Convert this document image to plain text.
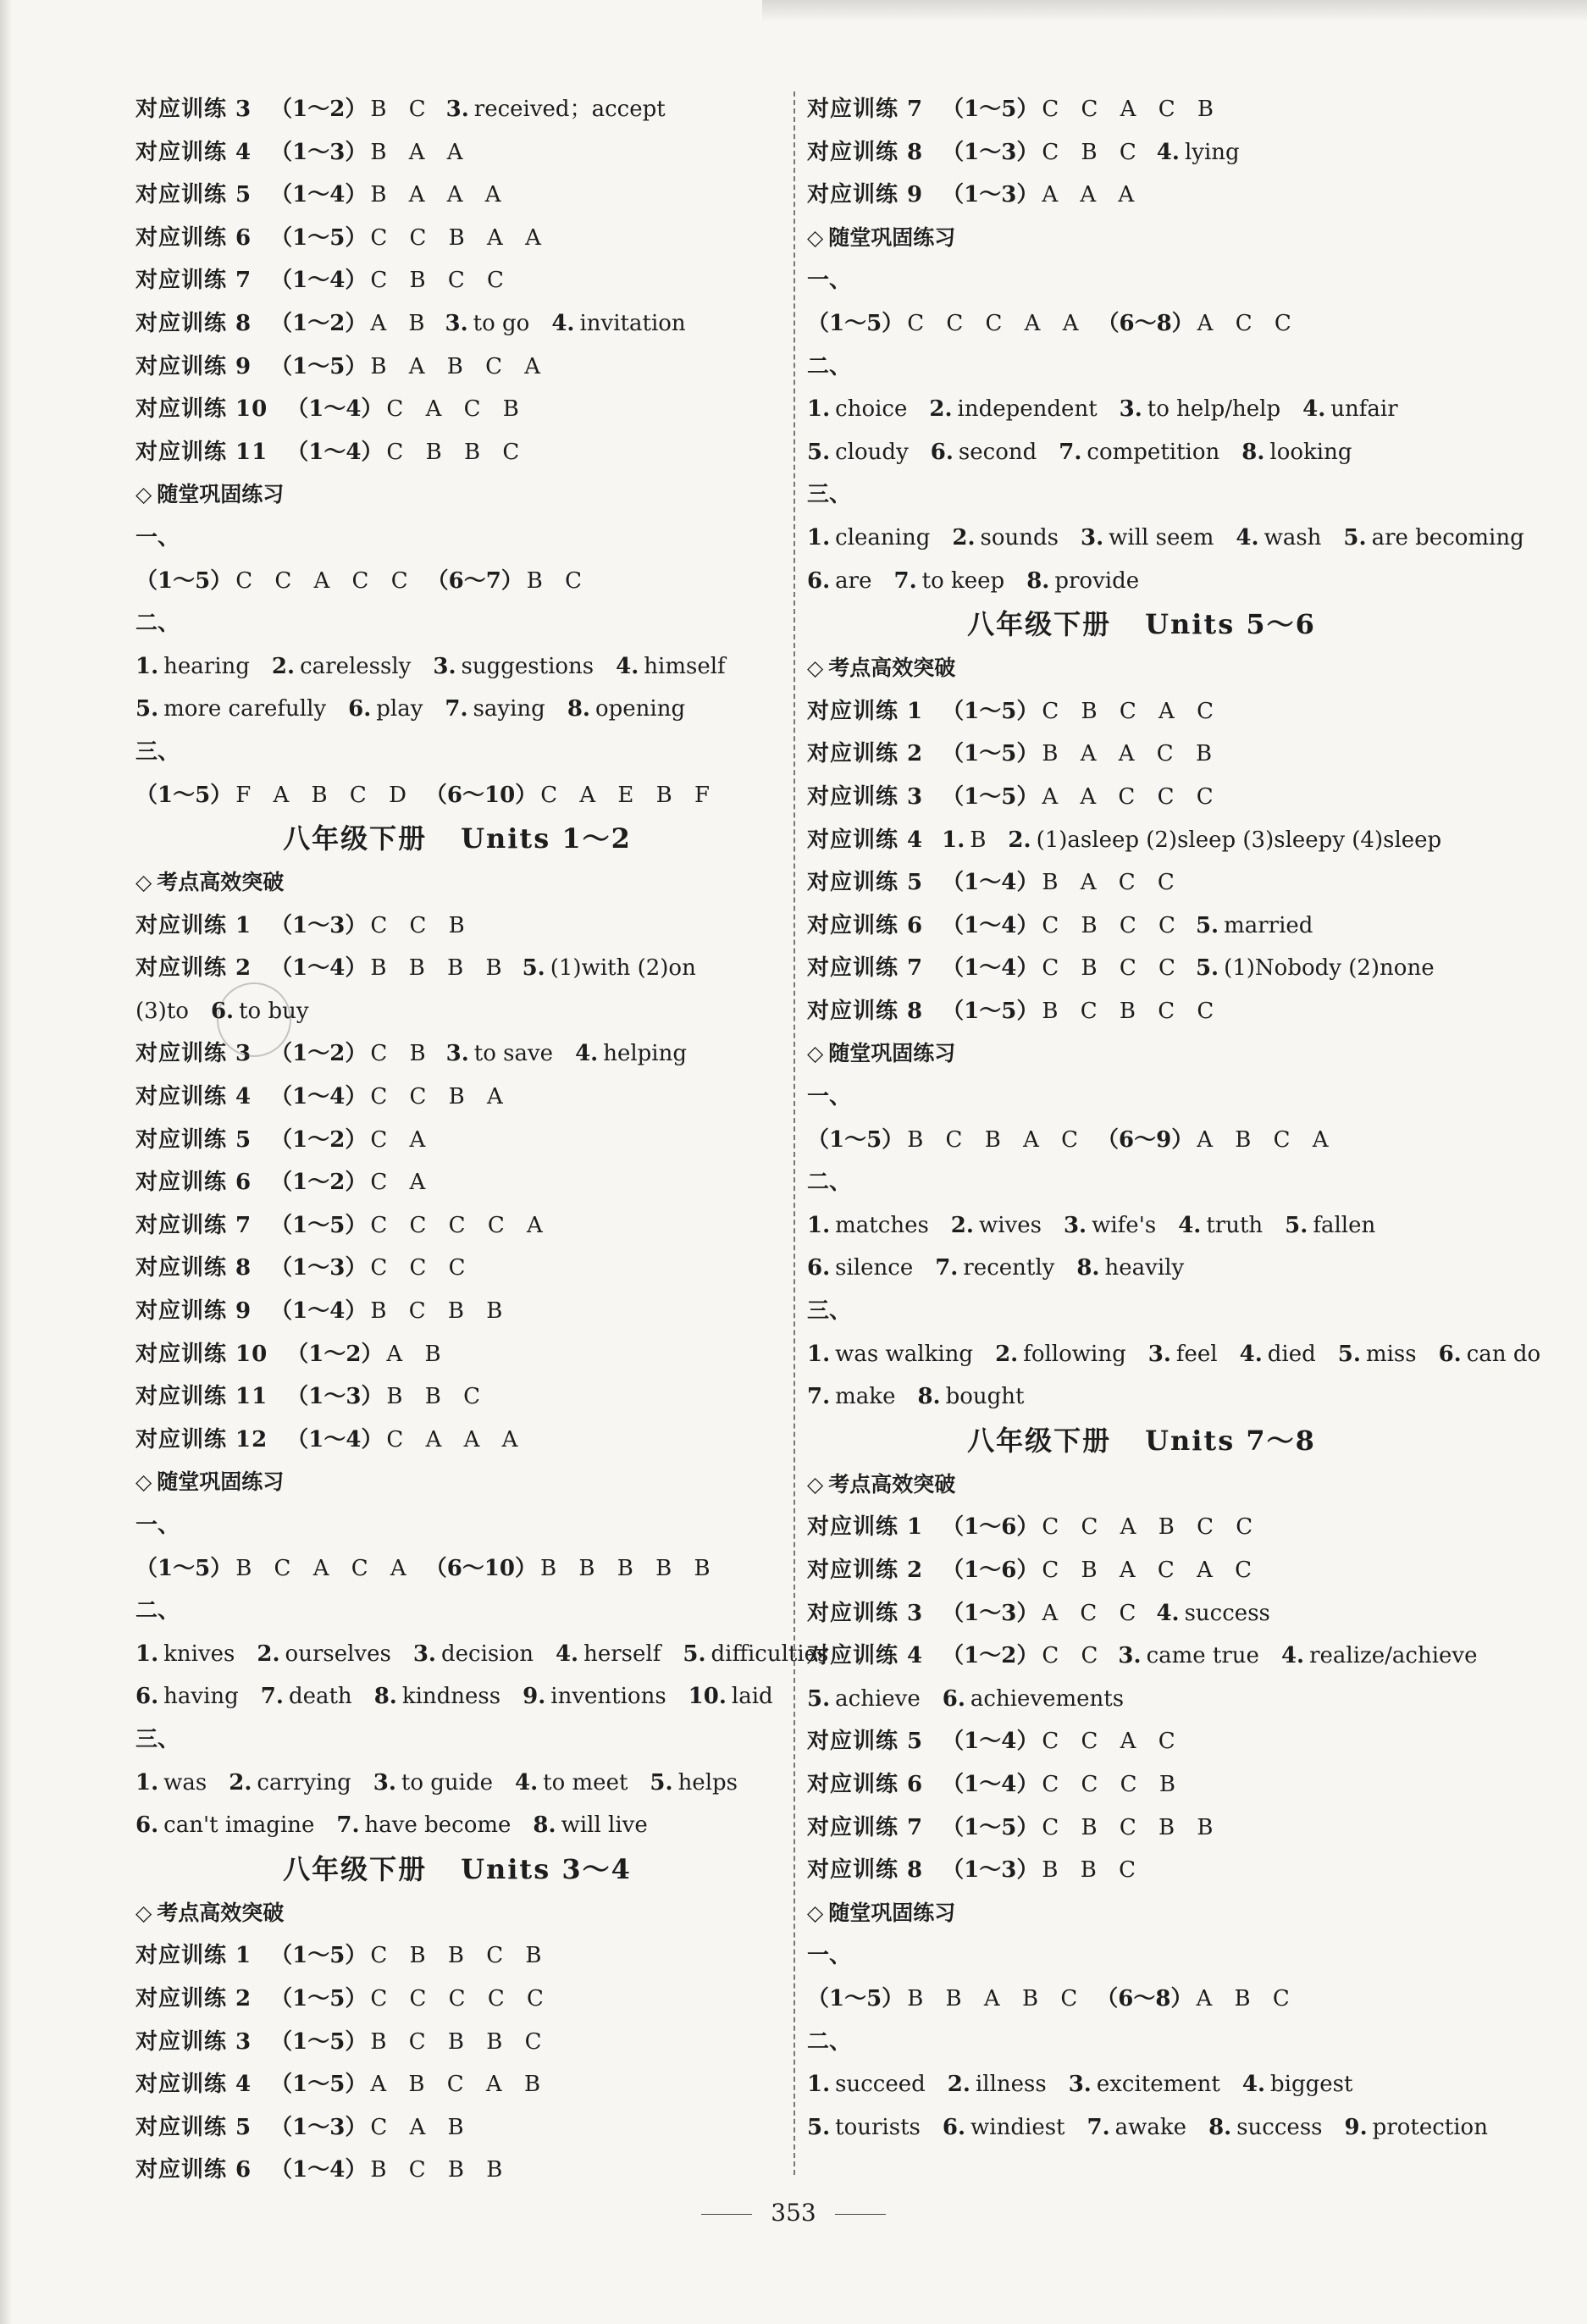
对应训练 3 （1～2） B C 3. received；accept
对应训练 4 （1～3） B A A
对应训练 5 （1～4） B A A A
对应训练 6 （1～5） C C B A A
对应训练 7 （1～4） C B C C
对应训练 8 （1～2） A B 3. to go 4. invitation
对应训练 9 （1～5） B A B C A
对应训练 10 （1～4） C A C B
对应训练 11 （1～4） C B B C
◇ 随堂巩固练习
一、
（1～5） C C A C C （6～7） B C
二、
1. hearing 2. carelessly 3. suggestions 4. himself
5. more carefully 6. play 7. saying 8. opening
三、
（1～5） F A B C D （6～10） C A E B F
八年级下册 Units 1～2
◇ 考点高效突破
对应训练 1 （1～3） C C B
对应训练 2 （1～4） B B B B 5. (1)with (2)on
(3)to 6. to buy
对应训练 3 （1～2） C B 3. to save 4. helping
对应训练 4 （1～4） C C B A
对应训练 5 （1～2） C A
对应训练 6 （1～2） C A
对应训练 7 （1～5） C C C C A
对应训练 8 （1～3） C C C
对应训练 9 （1～4） B C B B
对应训练 10 （1～2） A B
对应训练 11 （1～3） B B C
对应训练 12 （1～4） C A A A
◇ 随堂巩固练习
一、
（1～5） B C A C A （6～10） B B B B B
二、
1. knives 2. ourselves 3. decision 4. herself 5. difficulties
6. having 7. death 8. kindness 9. inventions 10. laid
三、
1. was 2. carrying 3. to guide 4. to meet 5. helps
6. can't imagine 7. have become 8. will live
八年级下册 Units 3～4
◇ 考点高效突破
对应训练 1 （1～5） C B B C B
对应训练 2 （1～5） C C C C C
对应训练 3 （1～5） B C B B C
对应训练 4 （1～5） A B C A B
对应训练 5 （1～3） C A B
对应训练 6 （1～4） B C B B
对应训练 7 （1～5） C C A C B
对应训练 8 （1～3） C B C 4. lying
对应训练 9 （1～3） A A A
◇ 随堂巩固练习
一、
（1～5） C C C A A （6～8） A C C
二、
1. choice 2. independent 3. to help/help 4. unfair
5. cloudy 6. second 7. competition 8. looking
三、
1. cleaning 2. sounds 3. will seem 4. wash 5. are becoming
6. are 7. to keep 8. provide
八年级下册 Units 5～6
◇ 考点高效突破
对应训练 1 （1～5） C B C A C
对应训练 2 （1～5） B A A C B
对应训练 3 （1～5） A A C C C
对应训练 4 1. B 2. (1)asleep (2)sleep (3)sleepy (4)sleep
对应训练 5 （1～4） B A C C
对应训练 6 （1～4） C B C C 5. married
对应训练 7 （1～4） C B C C 5. (1)Nobody (2)none
对应训练 8 （1～5） B C B C C
◇ 随堂巩固练习
一、
（1～5） B C B A C （6～9） A B C A
二、
1. matches 2. wives 3. wife's 4. truth 5. fallen
6. silence 7. recently 8. heavily
三、
1. was walking 2. following 3. feel 4. died 5. miss 6. can do
7. make 8. bought
八年级下册 Units 7～8
◇ 考点高效突破
对应训练 1 （1～6） C C A B C C
对应训练 2 （1～6） C B A C A C
对应训练 3 （1～3） A C C 4. success
对应训练 4 （1～2） C C 3. came true 4. realize/achieve
5. achieve 6. achievements
对应训练 5 （1～4） C C A C
对应训练 6 （1～4） C C C B
对应训练 7 （1～5） C B C B B
对应训练 8 （1～3） B B C
◇ 随堂巩固练习
一、
（1～5） B B A B C （6～8） A B C
二、
1. succeed 2. illness 3. excitement 4. biggest
5. tourists 6. windiest 7. awake 8. success 9. protection
353
